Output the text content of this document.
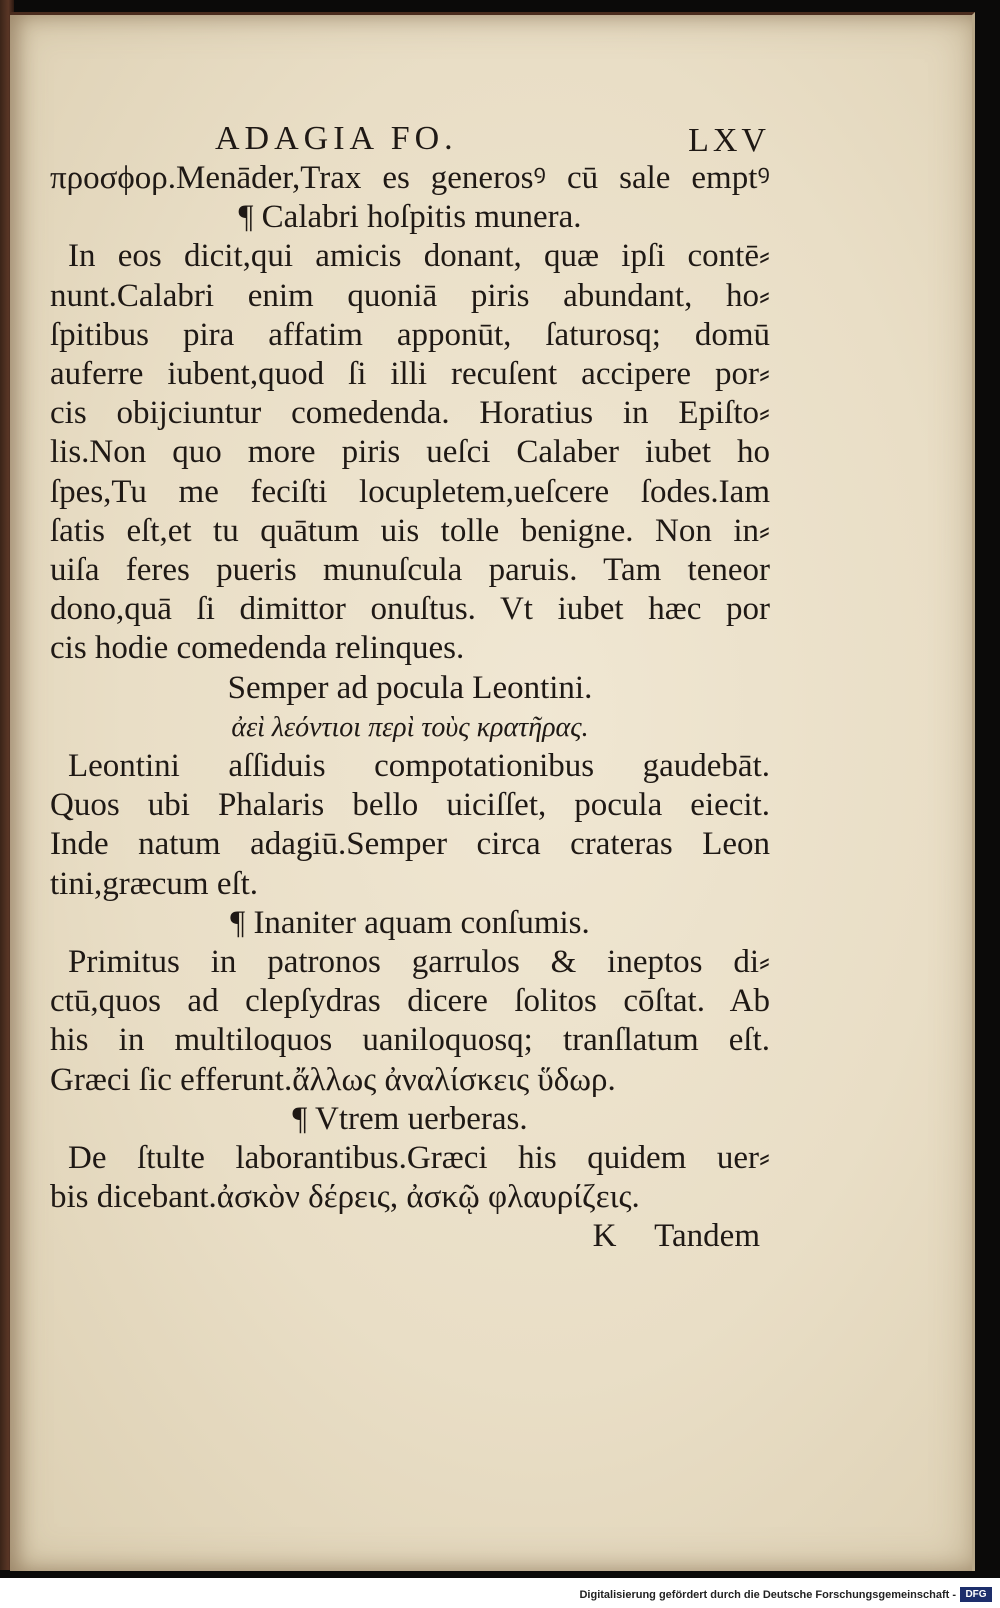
ADAGIA FO.	LXV
προσϕορ.Menāder,Trax es generosꝰ cū sale emptꝰ
¶ Calabri hoſpitis munera.
In eos dicit,qui amicis donant, quæ ipſi contē⸗
nunt.Calabri enim quoniā piris abundant, ho⸗
ſpitibus pira affatim apponūt, ſaturosq; domū
auferre iubent,quod ſi illi recuſent accipere por⸗
cis obijciuntur comedenda. Horatius in Epiſto⸗
lis.Non quo more piris ueſci Calaber iubet ho
ſpes,Tu me feciſti locupletem,ueſcere ſodes.Iam
ſatis eſt,et tu quātum uis tolle benigne. Non in⸗
uiſa feres pueris munuſcula paruis. Tam teneor
dono,quā ſi dimittor onuſtus. Vt iubet hæc por
cis hodie comedenda relinques.
Semper ad pocula Leontini.
ἀεὶ λεόντιοι περὶ τοὺς κρατῆρας.
Leontini aſſiduis compotationibus gaudebāt.
Quos ubi Phalaris bello uiciſſet, pocula eiecit.
Inde natum adagiū.Semper circa crateras Leon
tini,græcum eſt.
¶ Inaniter aquam conſumis.
Primitus in patronos garrulos & ineptos di⸗
ctū,quos ad clepſydras dicere ſolitos cōſtat. Ab
his in multiloquos uaniloquosq; tranſlatum eſt.
Græci ſic efferunt.ἄλλως ἀναλίσκεις ὕδωρ.
¶ Vtrem uerberas.
De ſtulte laborantibus.Græci his quidem uer⸗
bis dicebant.ἀσκὸν δέρεις, ἀσκῷ φλαυρίζεις.
K Tandem
Digitalisierung gefördert durch die Deutsche Forschungsgemeinschaft - DFG
